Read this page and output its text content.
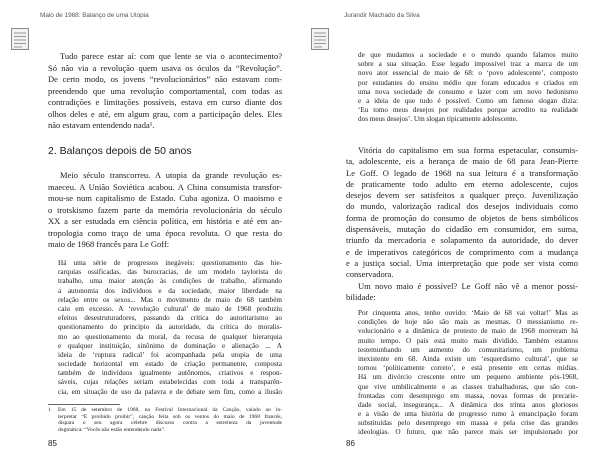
Maio de 1968: Balanço de uma Utopia
Tudo parece estar aí: com que lente se via o acontecimento?
Só não via a revolução quem usava os óculos da “Revolução”.
De certo modo, os jovens “revolucionários” não estavam com-
preendendo que uma revolução comportamental, com todas as
contradições e limitações possíveis, estava em curso diante dos
olhos deles e até, em algum grau, com a participação deles. Eles
não estavam entendendo nada¹.
2. Balanços depois de 50 anos
Meio século transcorreu. A utopia da grande revolução es-
maeceu. A União Soviética acabou. A China consumista transfor-
mou-se num capitalismo de Estado. Cuba agoniza. O maoismo e
o trotskismo fazem parte da memória revolucionária do século
XX a ser estudada em ciência política, em história e até em an-
tropologia como traço de uma época revoluta. O que resta do
maio de 1968 francês para Le Goff:
Há uma série de progressos inegáveis: questionamento das hie-
rarquias ossificadas, das burocracias, de um modelo taylorista do
trabalho, uma maior atenção às condições de trabalho, afirmando
a autonomia dos indivíduos e da sociedade, maior liberdade na
relação entre os sexos... Mas o movimento de maio de 68 também
caiu em excesso. A ‘revolução cultural’ de maio de 1968 produziu
efeitos desestruturadores, passando da crítica do autoritarismo ao
questionamento do princípio da autoridade, da crítica do moralis-
mo ao questionamento da moral, da recusa de qualquer hierarquia
e qualquer instituição, sinônimo de dominação e alienação ... A
ideia de ‘ruptura radical’ foi acompanhada pela utopia de uma
sociedade horizontal em estado de criação permanente, composta
também de indivíduos igualmente autônomos, criativos e respon-
sáveis, cujas relações seriam estabelecidas com toda a transparên-
cia, em situação de uso da palavra e de debate sem fim, como a ilusão
1 Em 15 de setembro de 1968, no Festival Internacional da Canção, vaiado ao in-
terpretar “É proibido proibir”, canção feita sob os ventos do maio de 1968 francês,
dispara o seu agora célebre discurso contra a estreiteza da juventude
dogmática: “Vocês não estão entendendo nada”.
85
Jurandir Machado da Silva
de que mudamos a sociedade e o mundo quando falamos muito
sobre a sua situação. Esse legado impossível traz a marca de um
novo ator essencial de maio de 68: o ‘povo adolescente’, composto
por estudantes do ensino médio que foram educados e criados em
uma nova sociedade de consumo e lazer com um novo hedonismo
e a ideia de que tudo é possível. Como um famoso slogan dizia:
‘Eu tomo meus desejos por realidades porque acredito na realidade
dos meus desejos’. Um slogan tipicamente adolescente.
Vitória do capitalismo em sua forma espetacular, consumis-
ta, adolescente, eis a herança de maio de 68 para Jean-Pierre
Le Goff. O legado de 1968 na sua leitura é a transformação
de praticamente todo adulto em eterno adolescente, cujos
desejos devem ser satisfeitos a qualquer preço. Juvenilização
do mundo, valorização radical dos desejos individuais como
forma de promoção do consumo de objetos de bens simbólicos
dispensáveis, mutação do cidadão em consumidor, em suma,
triunfo da mercadoria e solapamento da autoridade, do dever
e de imperativos categóricos de comprimento com a mudança
e a justiça social. Uma interpretação que pode ser vista como
conservadora.
Um novo maio é possível? Le Goff não vê a menor possi-
bilidade:
Por cinquenta anos, tenho ouvido: ‘Maio de 68 vai voltar!’ Mas as
condições de hoje não são mais as mesmas. O messianismo re-
volucionário e a dinâmica de protesto de maio de 1968 morreram há
muito tempo. O país está muito mais dividido. Também estamos
testemunhando um aumento do comunitarismo, um problema
inexistente em 68. Ainda existe um ‘esquerdismo cultural’, que se
tornou ‘politicamente correto’, e está presente em certas mídias.
Há um divórcio crescente entre um pequeno ambiente pós-1968,
que vive umbilicalmente e as classes trabalhadoras, que são con-
frontadas com desemprego em massa, novas formas de precarie-
dade social, insegurança... A dinâmica dos trinta anos gloriosos
e a visão de uma história de progresso rumo à emancipação foram
substituídas pelo desemprego em massa e pela crise das grandes
ideologias. O futuro, que não parece mais ser impulsionado por
86
